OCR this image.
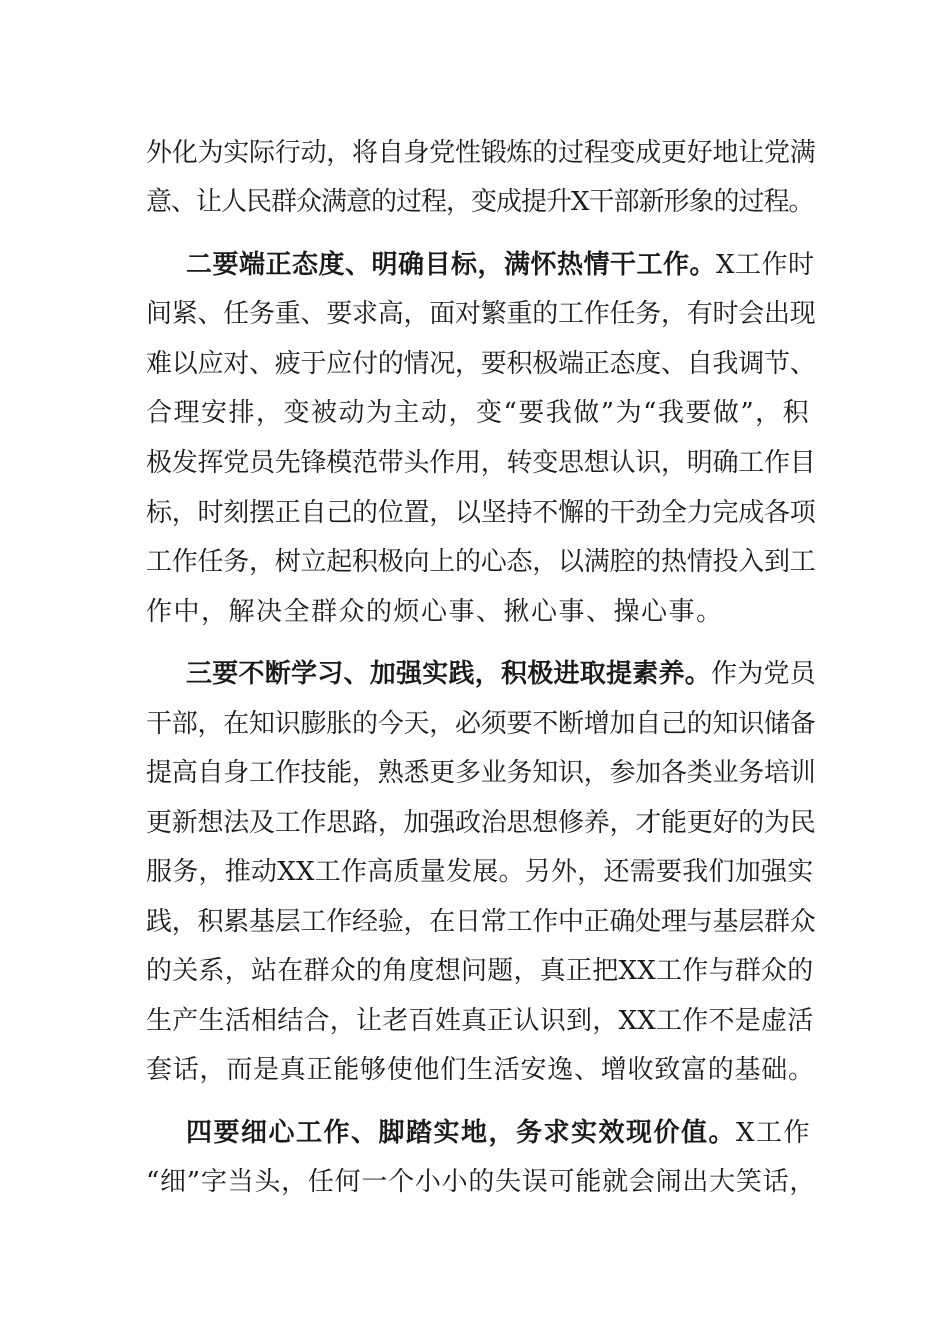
外化为实际行动，将自身党性锻炼的过程变成更好地让党满
意、让人民群众满意的过程，变成提升X干部新形象的过程。
二要端正态度、明确目标，满怀热情干工作。X工作时
间紧、任务重、要求高，面对繁重的工作任务，有时会出现
难以应对、疲于应付的情况，要积极端正态度、自我调节、
合理安排，变被动为主动，变“要我做”为“我要做”，积
极发挥党员先锋模范带头作用，转变思想认识，明确工作目
标，时刻摆正自己的位置，以坚持不懈的干劲全力完成各项
工作任务，树立起积极向上的心态，以满腔的热情投入到工
作中，解决全群众的烦心事、揪心事、操心事。
三要不断学习、加强实践，积极进取提素养。作为党员
干部，在知识膨胀的今天，必须要不断增加自己的知识储备
提高自身工作技能，熟悉更多业务知识，参加各类业务培训
更新想法及工作思路，加强政治思想修养，才能更好的为民
服务，推动XX工作高质量发展。另外，还需要我们加强实
践，积累基层工作经验，在日常工作中正确处理与基层群众
的关系，站在群众的角度想问题，真正把XX工作与群众的
生产生活相结合，让老百姓真正认识到，XX工作不是虚活
套话，而是真正能够使他们生活安逸、增收致富的基础。
四要细心工作、脚踏实地，务求实效现价值。X工作
“细”字当头，任何一个小小的失误可能就会闹出大笑话，
